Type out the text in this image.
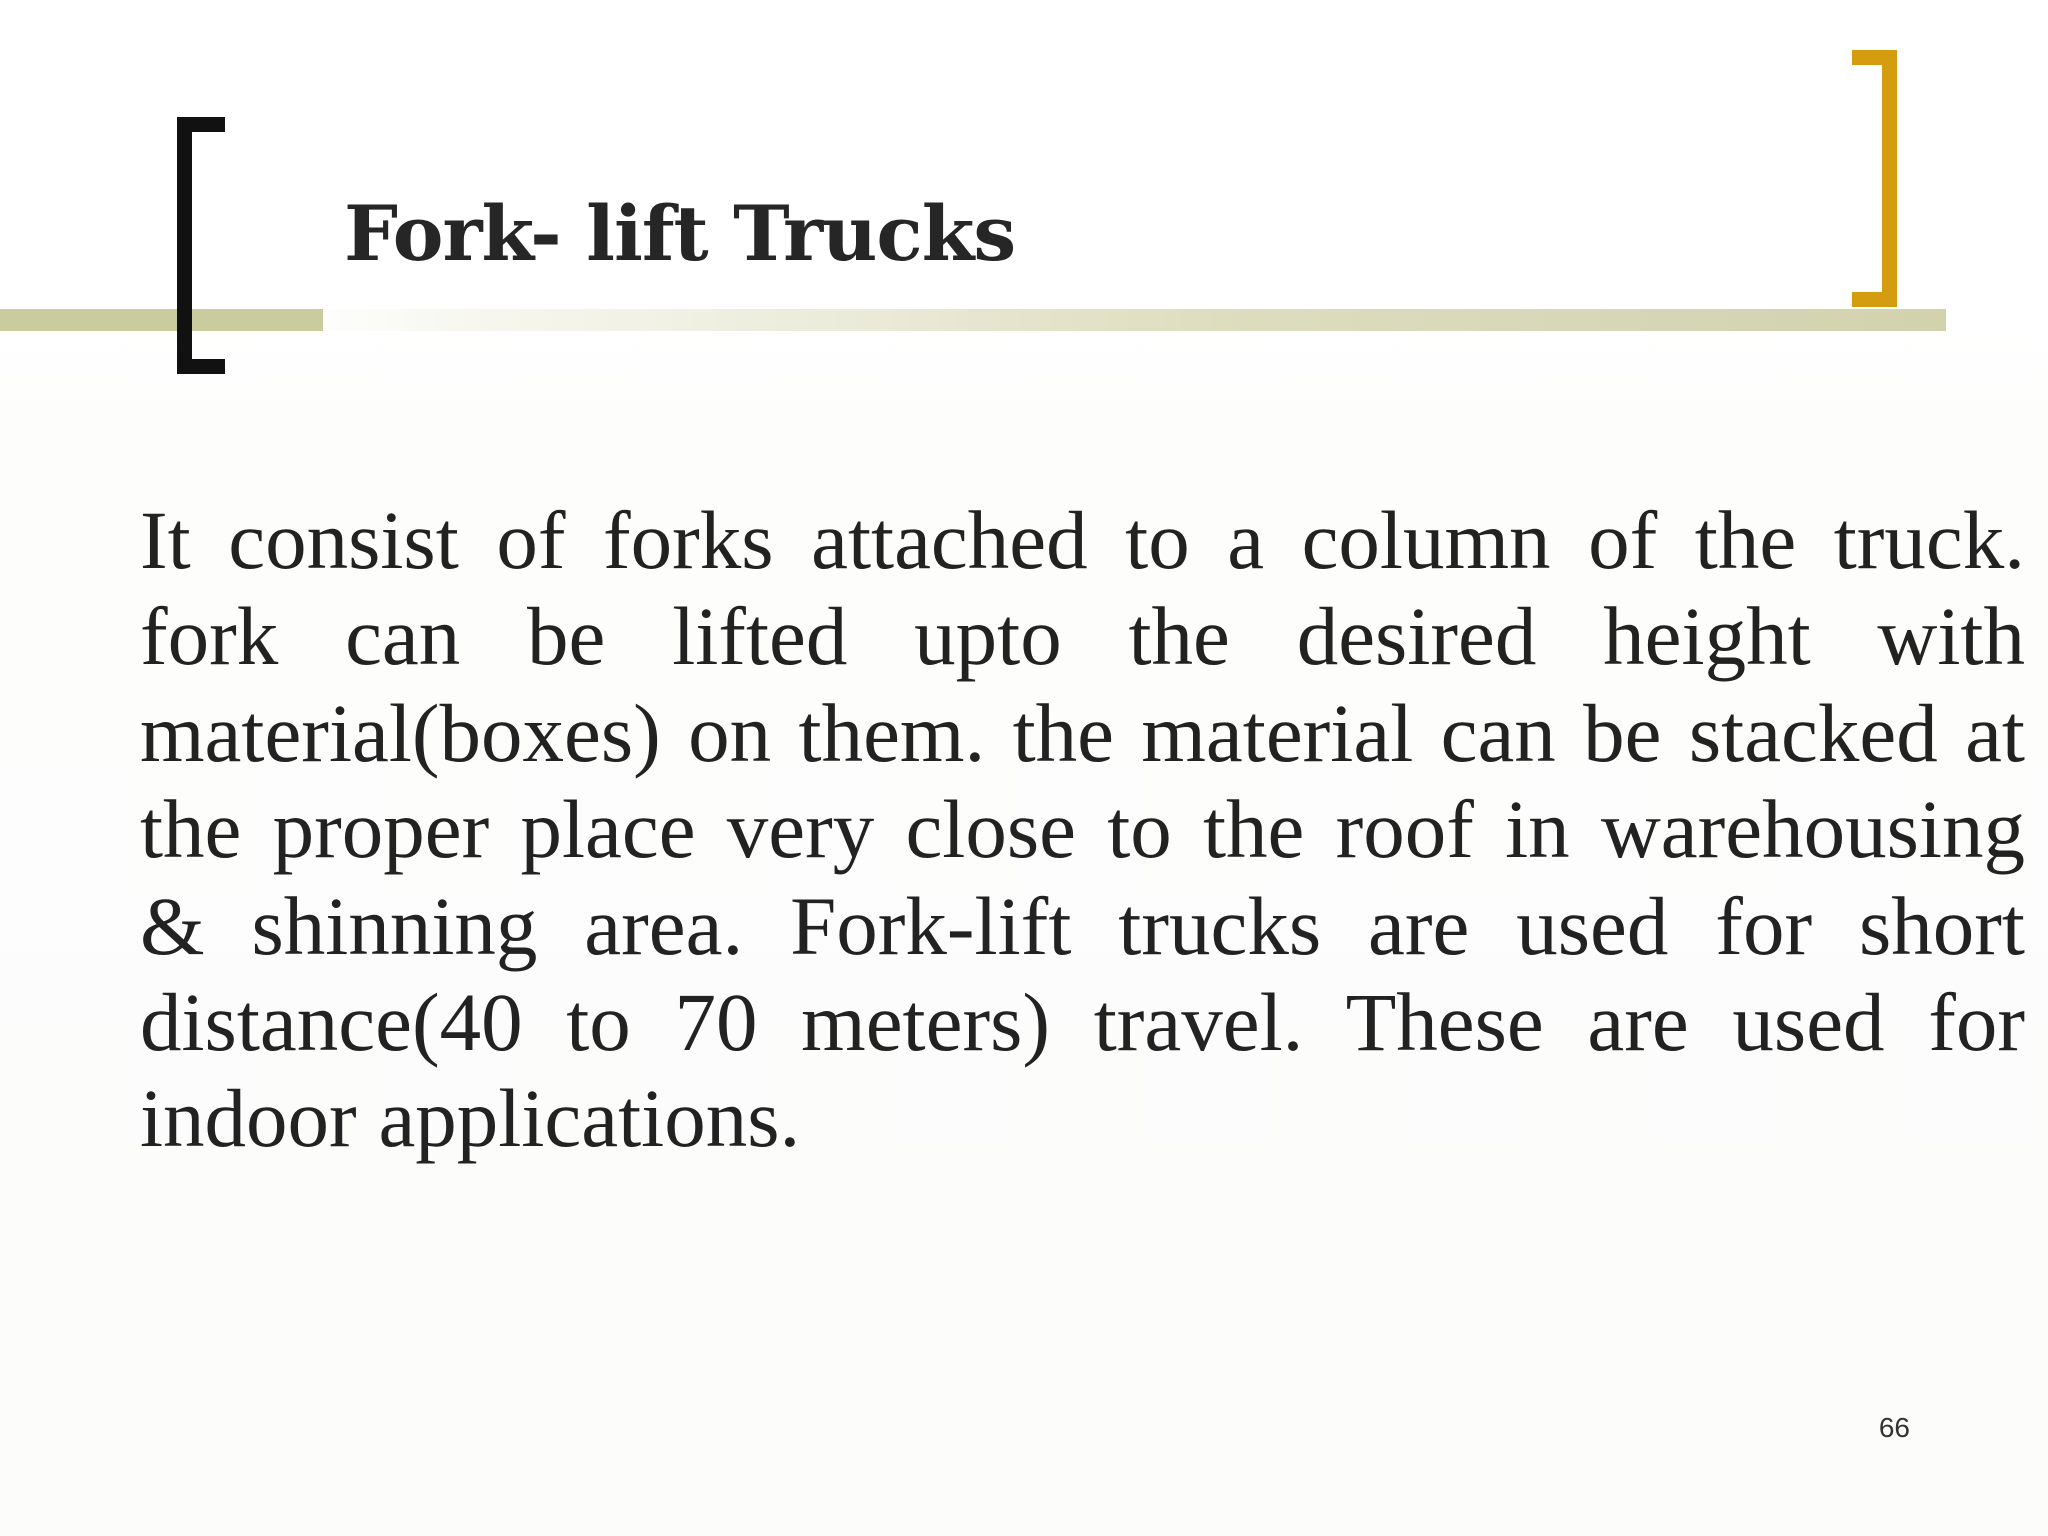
Fork- lift Trucks

It consist of forks attached to a column of the truck. fork can be lifted upto the desired height with material(boxes) on them. the material can be stacked at the proper place very close to the roof in warehousing & shinning area. Fork-lift trucks are used for short distance(40 to 70 meters) travel. These are used for indoor applications.

66
